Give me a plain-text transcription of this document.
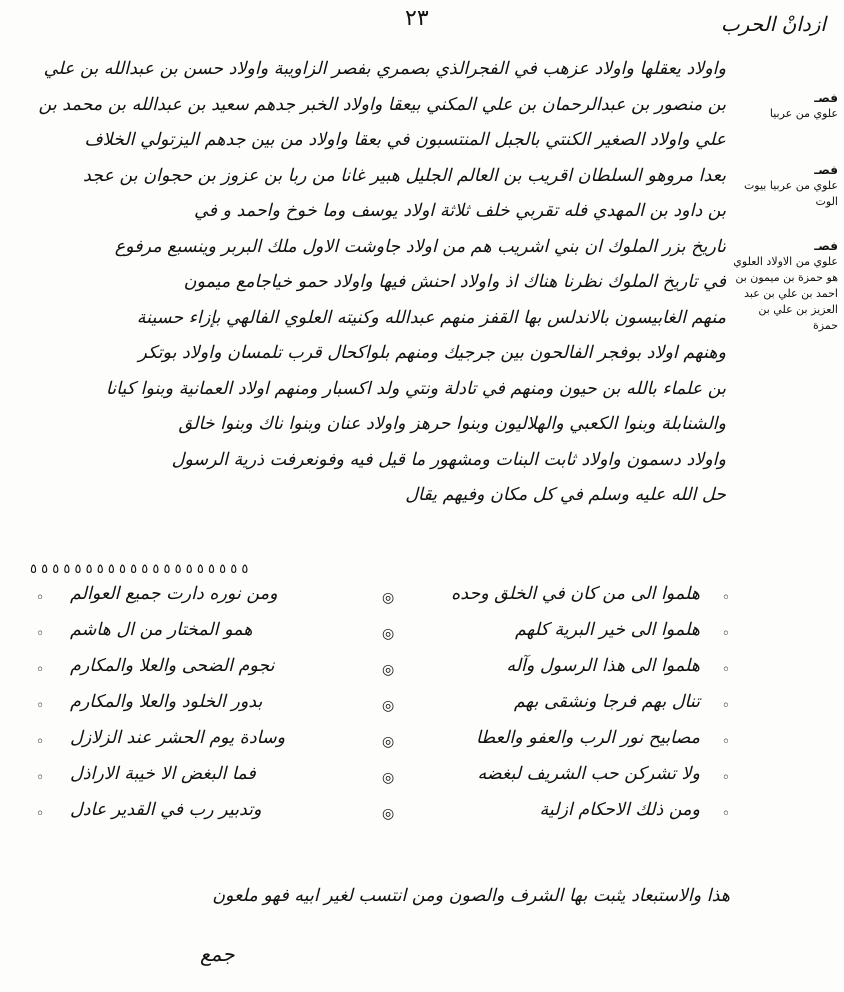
٢٣	ازدانْ الحرب
واولاد يعقلها واولاد عزهب في الفجرالذي بصمري بفصر الزاويبة واولاد حسن بن عبدالله بن علي
بن منصور بن عبدالرحمان بن علي المكني بيعقا واولاد الخبر جدهم سعيد بن عبدالله بن محمد بن
علي واولاد الصغير الكنتي بالجبل المنتسبون في بعقا واولاد من بين جدهم اليزتولي الخلاف
بعدا مروهو السلطان اقريب بن العالم الجليل هبير غانا من ربا بن عزوز بن حجوان بن عجد
بن داود بن المهدي فله تقربي خلف ثلاثة اولاد يوسف وما خوخ واحمد و في
تاريخ بزر الملوك ان بني اشريب هم من اولاد جاوشت الاول ملك البربر وينسبع مرفوع
في تاريخ الملوك نظرنا هناك اذ واولاد احنش فيها واولاد حمو خياجامع ميمون
منهم الغابيسون بالاندلس بها القفز منهم عبدالله وكنيته العلوي الفالهي بإزاء حسينة
وهنهم اولاد بوفجر الفالحون بين جرجيك ومنهم بلواكحال قرب تلمسان واولاد بوتكر
بن علماء بالله بن حيون ومنهم في تادلة ونتي ولد اكسبار ومنهم اولاد العمانية وبنوا كيانا
والشنابلة وبنوا الكعبي والهلاليون وبنوا حرهز واولاد عنان وبنوا ناك وبنوا خالق
واولاد دسمون واولاد ثابت البنات ومشهور ما قيل فيه وفونعرفت ذرية الرسول
حل الله عليه وسلم في كل مكان وفيهم يقال
فصـ
علوي من عربيا
فصـ
علوي من عربيا بيوت الوت
فصـ
علوي من الاولاد العلوي هو حمزة بن ميمون بن احمد بن علي بن عبد العزيز بن علي بن حمزة
٥ ٥ ٥ ٥ ٥ ٥ ٥ ٥ ٥ ٥ ٥ ٥ ٥ ٥ ٥ ٥ ٥ ٥ ٥ ٥
◦
هلموا الى من كان في الخلق وحده
◎
ومن نوره دارت جميع العوالم
◦
◦
هلموا الى خير البرية كلهم
◎
همو المختار من ال هاشم
◦
◦
هلموا الى هذا الرسول وآله
◎
نجوم الضحى والعلا والمكارم
◦
◦
تنال بهم فرجا ونشقى بهم
◎
بدور الخلود والعلا والمكارم
◦
◦
مصابيح نور الرب والعفو والعطا
◎
وسادة يوم الحشر عند الزلازل
◦
◦
ولا تشركن حب الشريف لبغضه
◎
فما البغض الا خيبة الاراذل
◦
◦
ومن ذلك الاحكام ازلية
◎
وتدبير رب في القدير عادل
◦
هذا والاستبعاد يثبت بها الشرف والصون ومن انتسب لغير ابيه فهو ملعون
جمع
